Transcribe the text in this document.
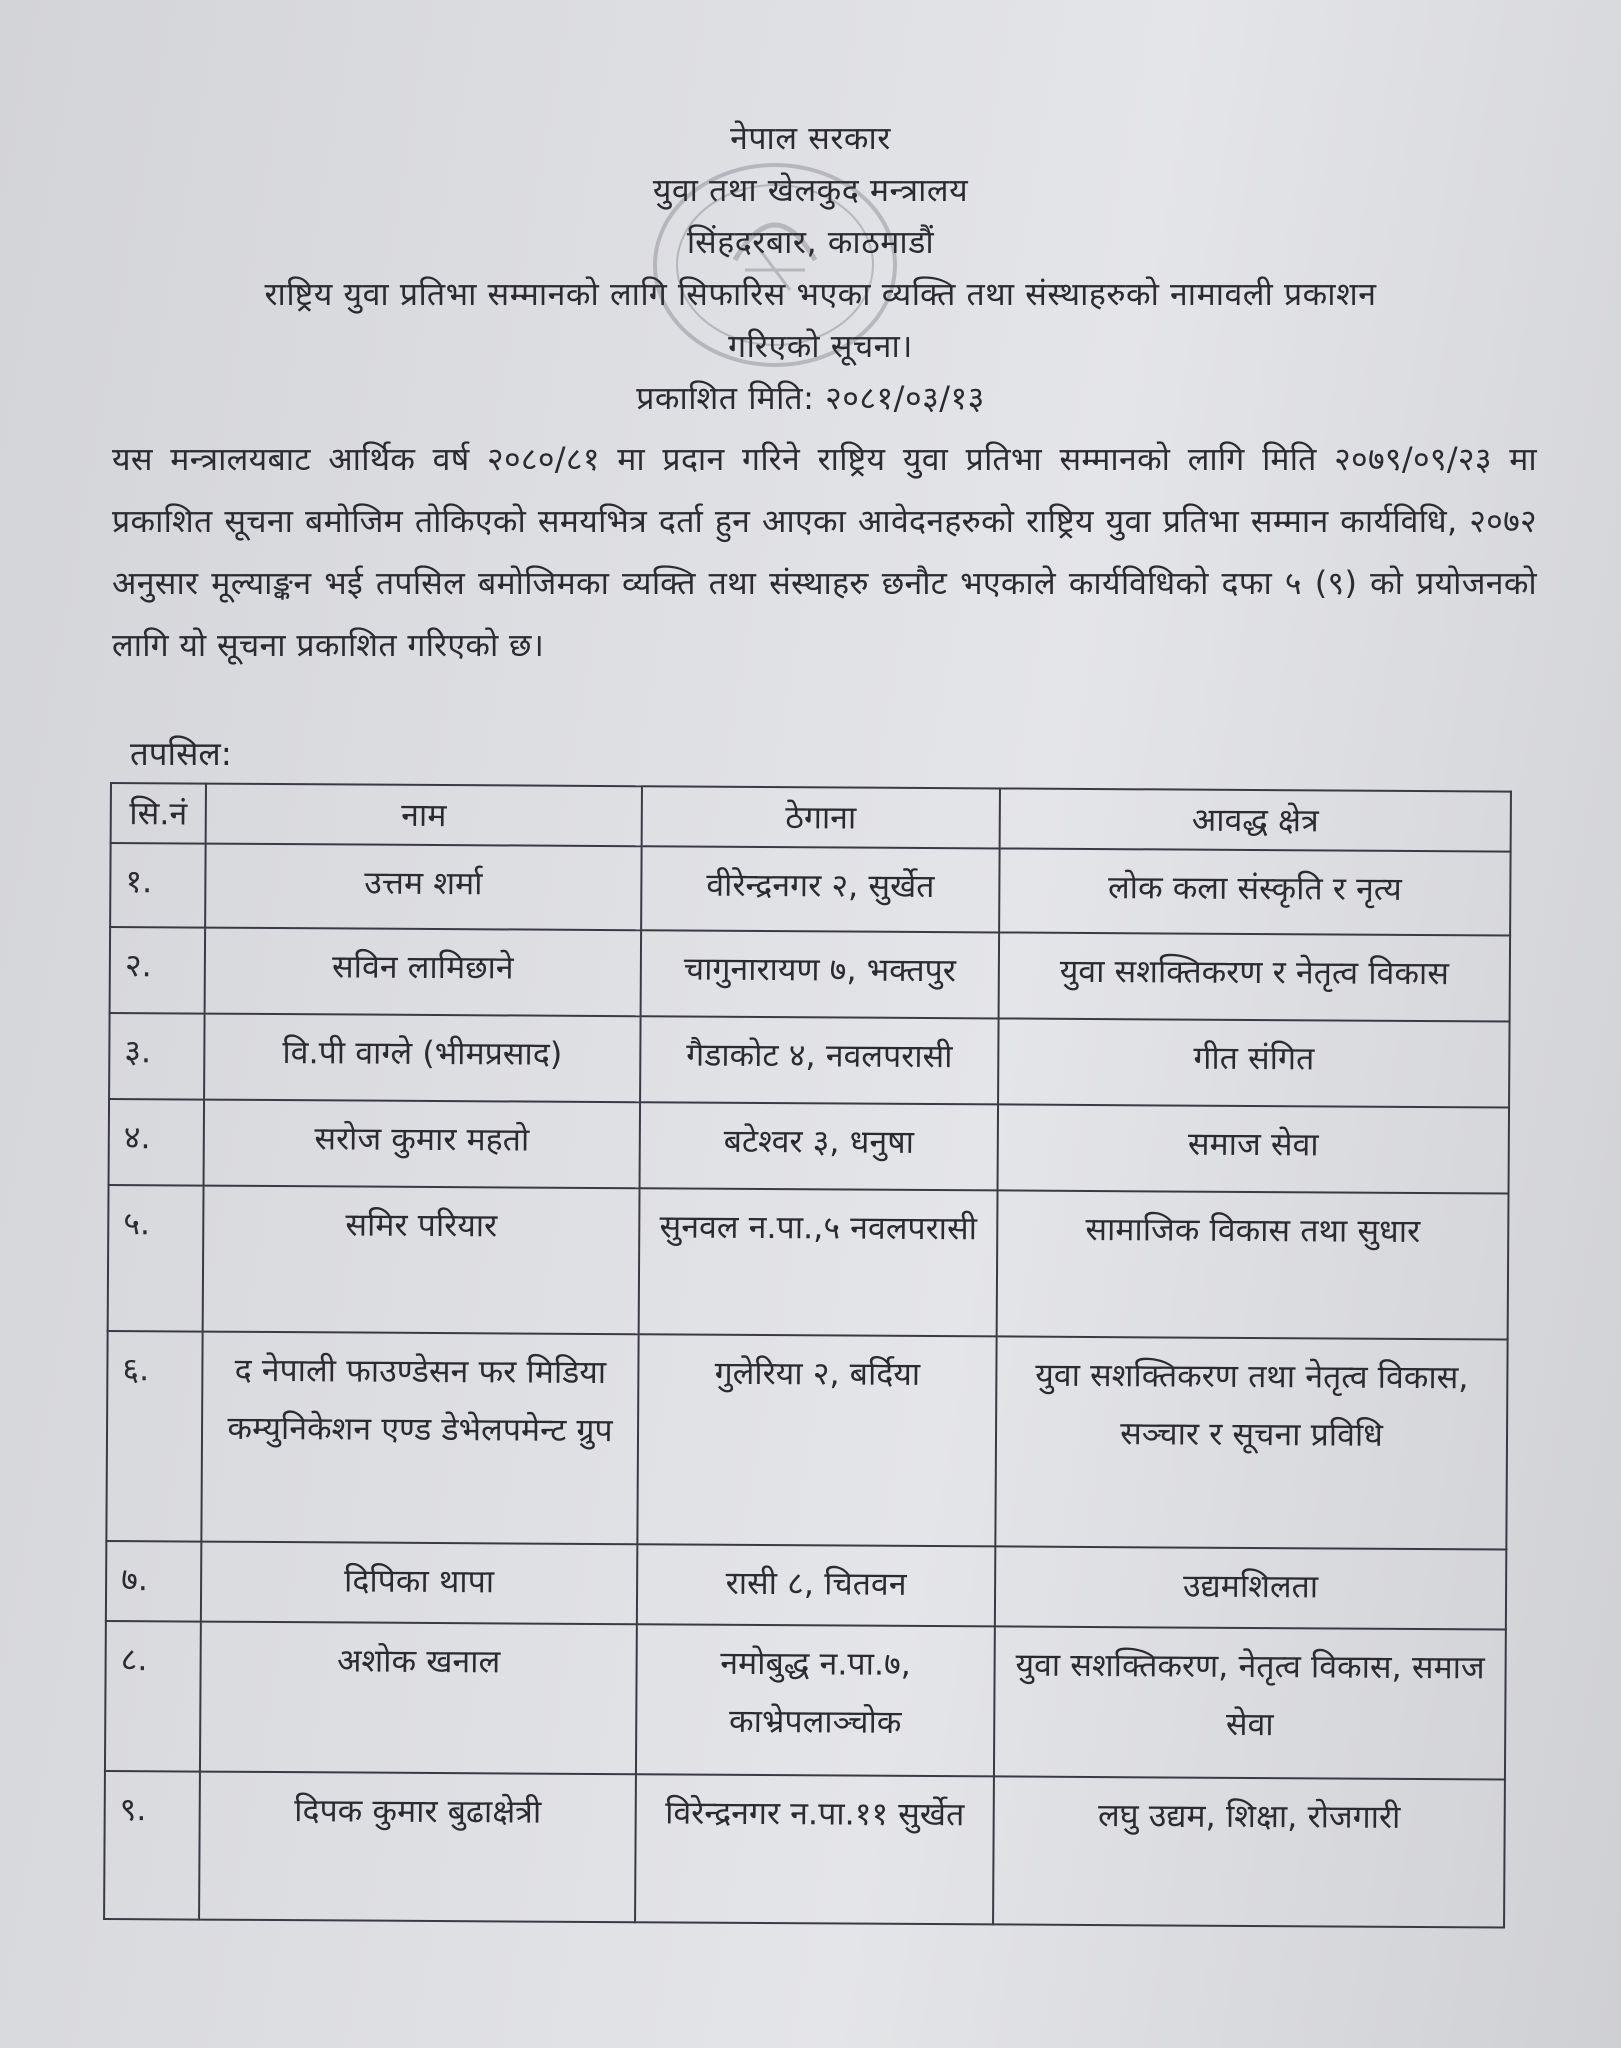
नेपाल सरकार
युवा तथा खेलकुद मन्त्रालय
सिंहदरबार, काठमाडौं
राष्ट्रिय युवा प्रतिभा सम्मानको लागि सिफारिस भएका व्यक्ति तथा संस्थाहरुको नामावली प्रकाशन
गरिएको सूचना।
प्रकाशित मिति: २०८१/०३/१३
यस मन्त्रालयबाट आर्थिक वर्ष २०८०/८१ मा प्रदान गरिने राष्ट्रिय युवा प्रतिभा सम्मानको लागि मिति २०७९/०९/२३ मा प्रकाशित सूचना बमोजिम तोकिएको समयभित्र दर्ता हुन आएका आवेदनहरुको राष्ट्रिय युवा प्रतिभा सम्मान कार्यविधि, २०७२ अनुसार मूल्याङ्कन भई तपसिल बमोजिमका व्यक्ति तथा संस्थाहरु छनौट भएकाले कार्यविधिको दफा ५ (९) को प्रयोजनको लागि यो सूचना प्रकाशित गरिएको छ।
तपसिल:
सि.नं	नाम	ठेगाना	आवद्ध क्षेत्र
१.	उत्तम शर्मा	वीरेन्द्रनगर २, सुर्खेत	लोक कला संस्कृति र नृत्य
२.	सविन लामिछाने	चागुनारायण ७, भक्तपुर	युवा सशक्तिकरण र नेतृत्व विकास
३.	वि.पी वाग्ले (भीमप्रसाद)	गैडाकोट ४, नवलपरासी	गीत संगित
४.	सरोज कुमार महतो	बटेश्वर ३, धनुषा	समाज सेवा
५.	समिर परियार	सुनवल न.पा.,५ नवलपरासी	सामाजिक विकास तथा सुधार
६.	द नेपाली फाउण्डेसन फर मिडिया कम्युनिकेशन एण्ड डेभेलपमेन्ट ग्रुप	गुलेरिया २, बर्दिया	युवा सशक्तिकरण तथा नेतृत्व विकास, सञ्चार र सूचना प्रविधि
७.	दिपिका थापा	रासी ८, चितवन	उद्यमशिलता
८.	अशोक खनाल	नमोबुद्ध न.पा.७, काभ्रेपलाञ्चोक	युवा सशक्तिकरण, नेतृत्व विकास, समाज सेवा
९.	दिपक कुमार बुढाक्षेत्री	विरेन्द्रनगर न.पा.११ सुर्खेत	लघु उद्यम, शिक्षा, रोजगारी
